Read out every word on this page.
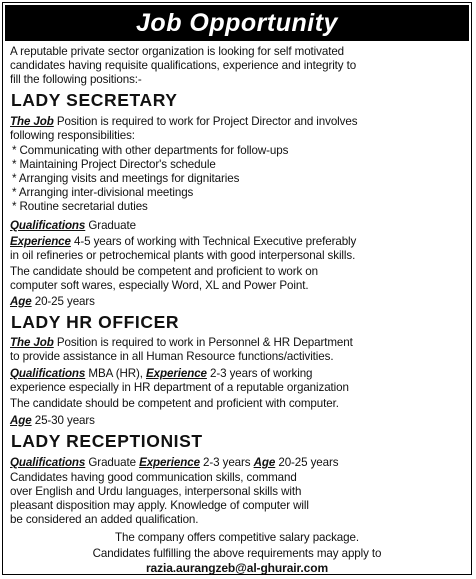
Job Opportunity
A reputable private sector organization is looking for self motivated
candidates having requisite qualifications, experience and integrity to
fill the following positions:-
LADY SECRETARY
The Job Position is required to work for Project Director and involves
following responsibilities:
* Communicating with other departments for follow-ups
* Maintaining Project Director's schedule
* Arranging visits and meetings for dignitaries
* Arranging inter-divisional meetings
* Routine secretarial duties
Qualifications Graduate
Experience 4-5 years of working with Technical Executive preferably
in oil refineries or petrochemical plants with good interpersonal skills.
The candidate should be competent and proficient to work on
computer soft wares, especially Word, XL and Power Point.
Age 20-25 years
LADY HR OFFICER
The Job Position is required to work in Personnel & HR Department
to provide assistance in all Human Resource functions/activities.
Qualifications MBA (HR), Experience 2-3 years of working
experience especially in HR department of a reputable organization
The candidate should be competent and proficient with computer.
Age 25-30 years
LADY RECEPTIONIST
Qualifications Graduate Experience 2-3 years Age 20-25 years
Candidates having good communication skills, command
over English and Urdu languages, interpersonal skills with
pleasant disposition may apply. Knowledge of computer will
be considered an added qualification.
The company offers competitive salary package.
Candidates fulfilling the above requirements may apply to
razia.aurangzeb@al-ghurair.com
